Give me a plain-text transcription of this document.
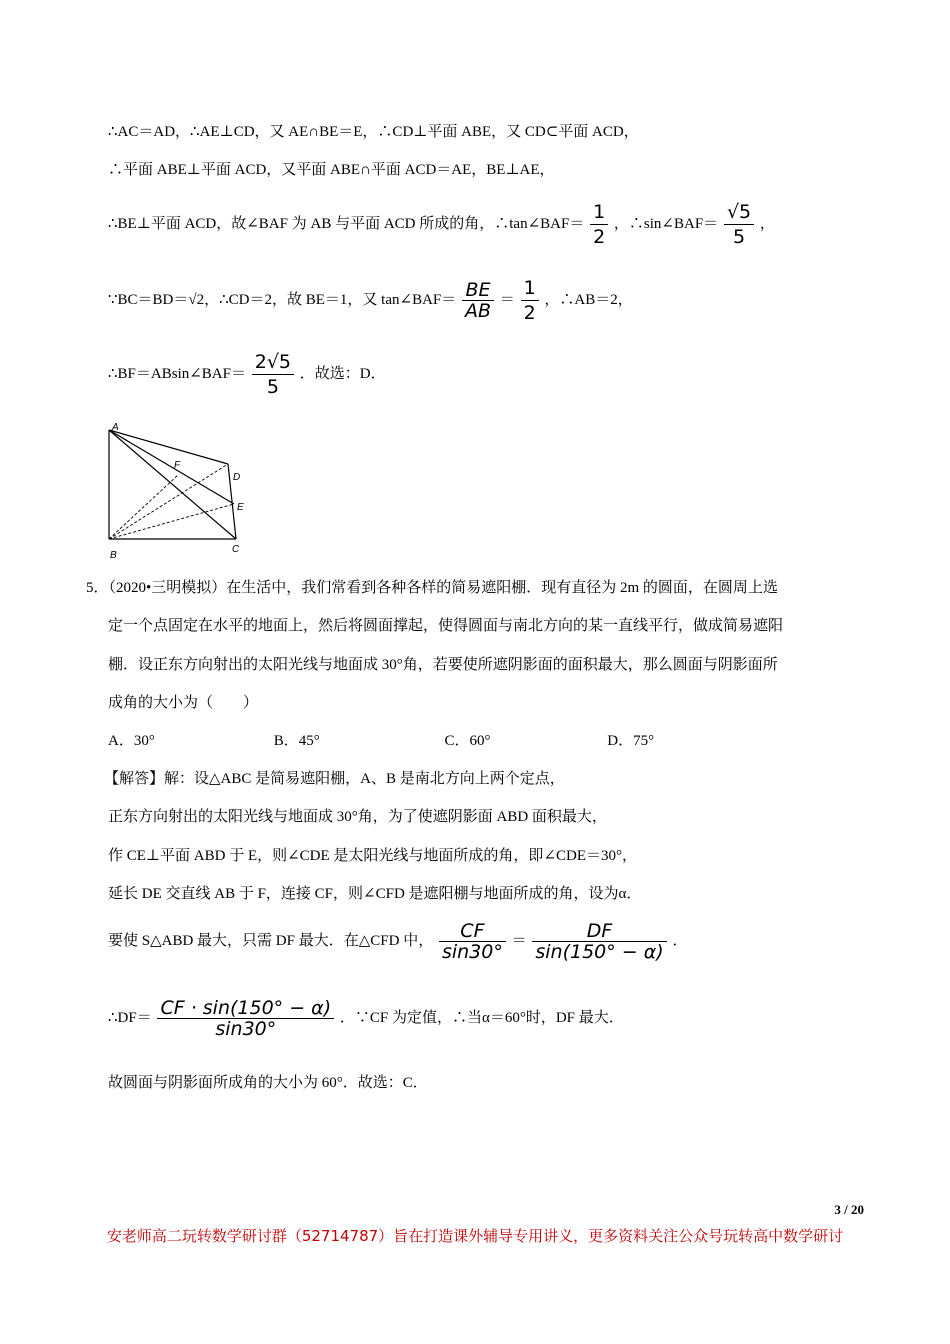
∴AC＝AD，∴AE⊥CD，又 AE∩BE＝E，∴CD⊥平面 ABE，又 CD⊂平面 ACD，
∴平面 ABE⊥平面 ACD，又平面 ABE∩平面 ACD＝AE，BE⊥AE，
∴BE⊥平面 ACD，故∠BAF 为 AB 与平面 ACD 所成的角，∴tan∠BAF＝ $\frac{1}{2}$ ，∴sin∠BAF＝ $\frac{√5}{5}$ ，
∵BC＝BD＝√2，∴CD＝2，故 BE＝1，又 tan∠BAF＝ $\frac{BE}{AB} = \frac{1}{2}$ ，∴AB＝2，
∴BF＝ABsin∠BAF＝ $\frac{2√5}{5}$ ．故选：D．
A
B
C
D
E
F
5．（2020•三明模拟）在生活中，我们常看到各种各样的简易遮阳棚．现有直径为 2m 的圆面，在圆周上选
定一个点固定在水平的地面上，然后将圆面撑起，使得圆面与南北方向的某一直线平行，做成简易遮阳
棚．设正东方向射出的太阳光线与地面成 30°角，若要使所遮阴影面的面积最大，那么圆面与阴影面所
成角的大小为（　　）
A．30°	B．45°	C．60°	D．75°
【解答】解：设△ABC 是简易遮阳棚，A、B 是南北方向上两个定点，
正东方向射出的太阳光线与地面成 30°角，为了使遮阴影面 ABD 面积最大，
作 CE⊥平面 ABD 于 E，则∠CDE 是太阳光线与地面所成的角，即∠CDE＝30°，
延长 DE 交直线 AB 于 F，连接 CF，则∠CFD 是遮阳棚与地面所成的角，设为α．
要使 S△ABD 最大，只需 DF 最大．在△CFD 中， $\frac{CF}{\sin 30^\circ} = \frac{DF}{\sin(150^\circ - \alpha)}$ ．
∴DF＝ $\frac{CF \cdot \sin(150^\circ - \alpha)}{\sin 30^\circ}$ ．∵CF 为定值，∴当α＝60°时，DF 最大．
故圆面与阴影面所成角的大小为 60°．故选：C．
3 / 20
安老师高二玩转数学研讨群（52714787）旨在打造课外辅导专用讲义，更多资料关注公众号玩转高中数学研讨
